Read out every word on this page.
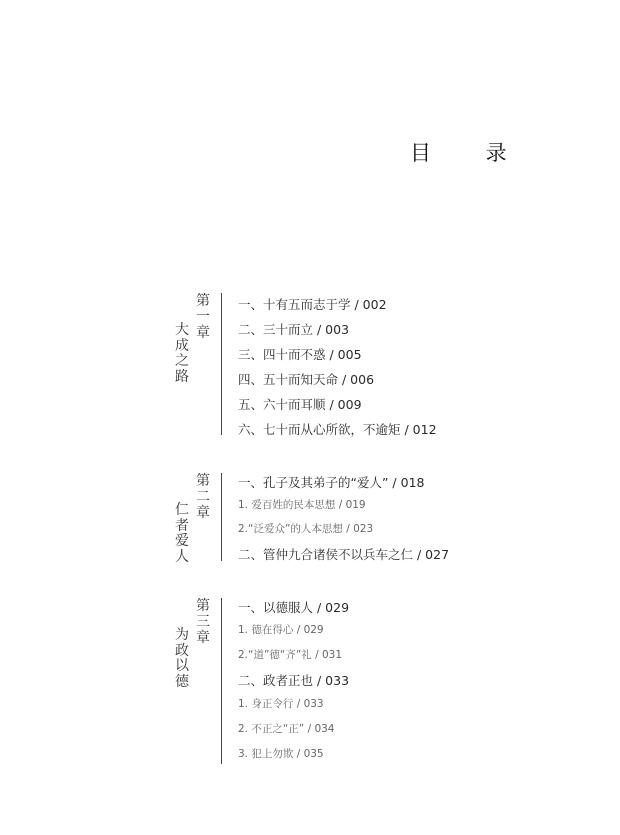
目 录
第
一
章
大
成
之
路
一、十有五而志于学 / 002
二、三十而立 / 003
三、四十而不惑 / 005
四、五十而知天命 / 006
五、六十而耳顺 / 009
六、七十而从心所欲，不逾矩 / 012
第
二
章
仁
者
爱
人
一、孔子及其弟子的“爱人” / 018
1. 爱百姓的民本思想 / 019
2.“泛爱众”的人本思想 / 023
二、管仲九合诸侯不以兵车之仁 / 027
第
三
章
为
政
以
德
一、以德服人 / 029
1. 德在得心 / 029
2.“道”德“齐”礼 / 031
二、政者正也 / 033
1. 身正令行 / 033
2. 不正之“正” / 034
3. 犯上勿欺 / 035
